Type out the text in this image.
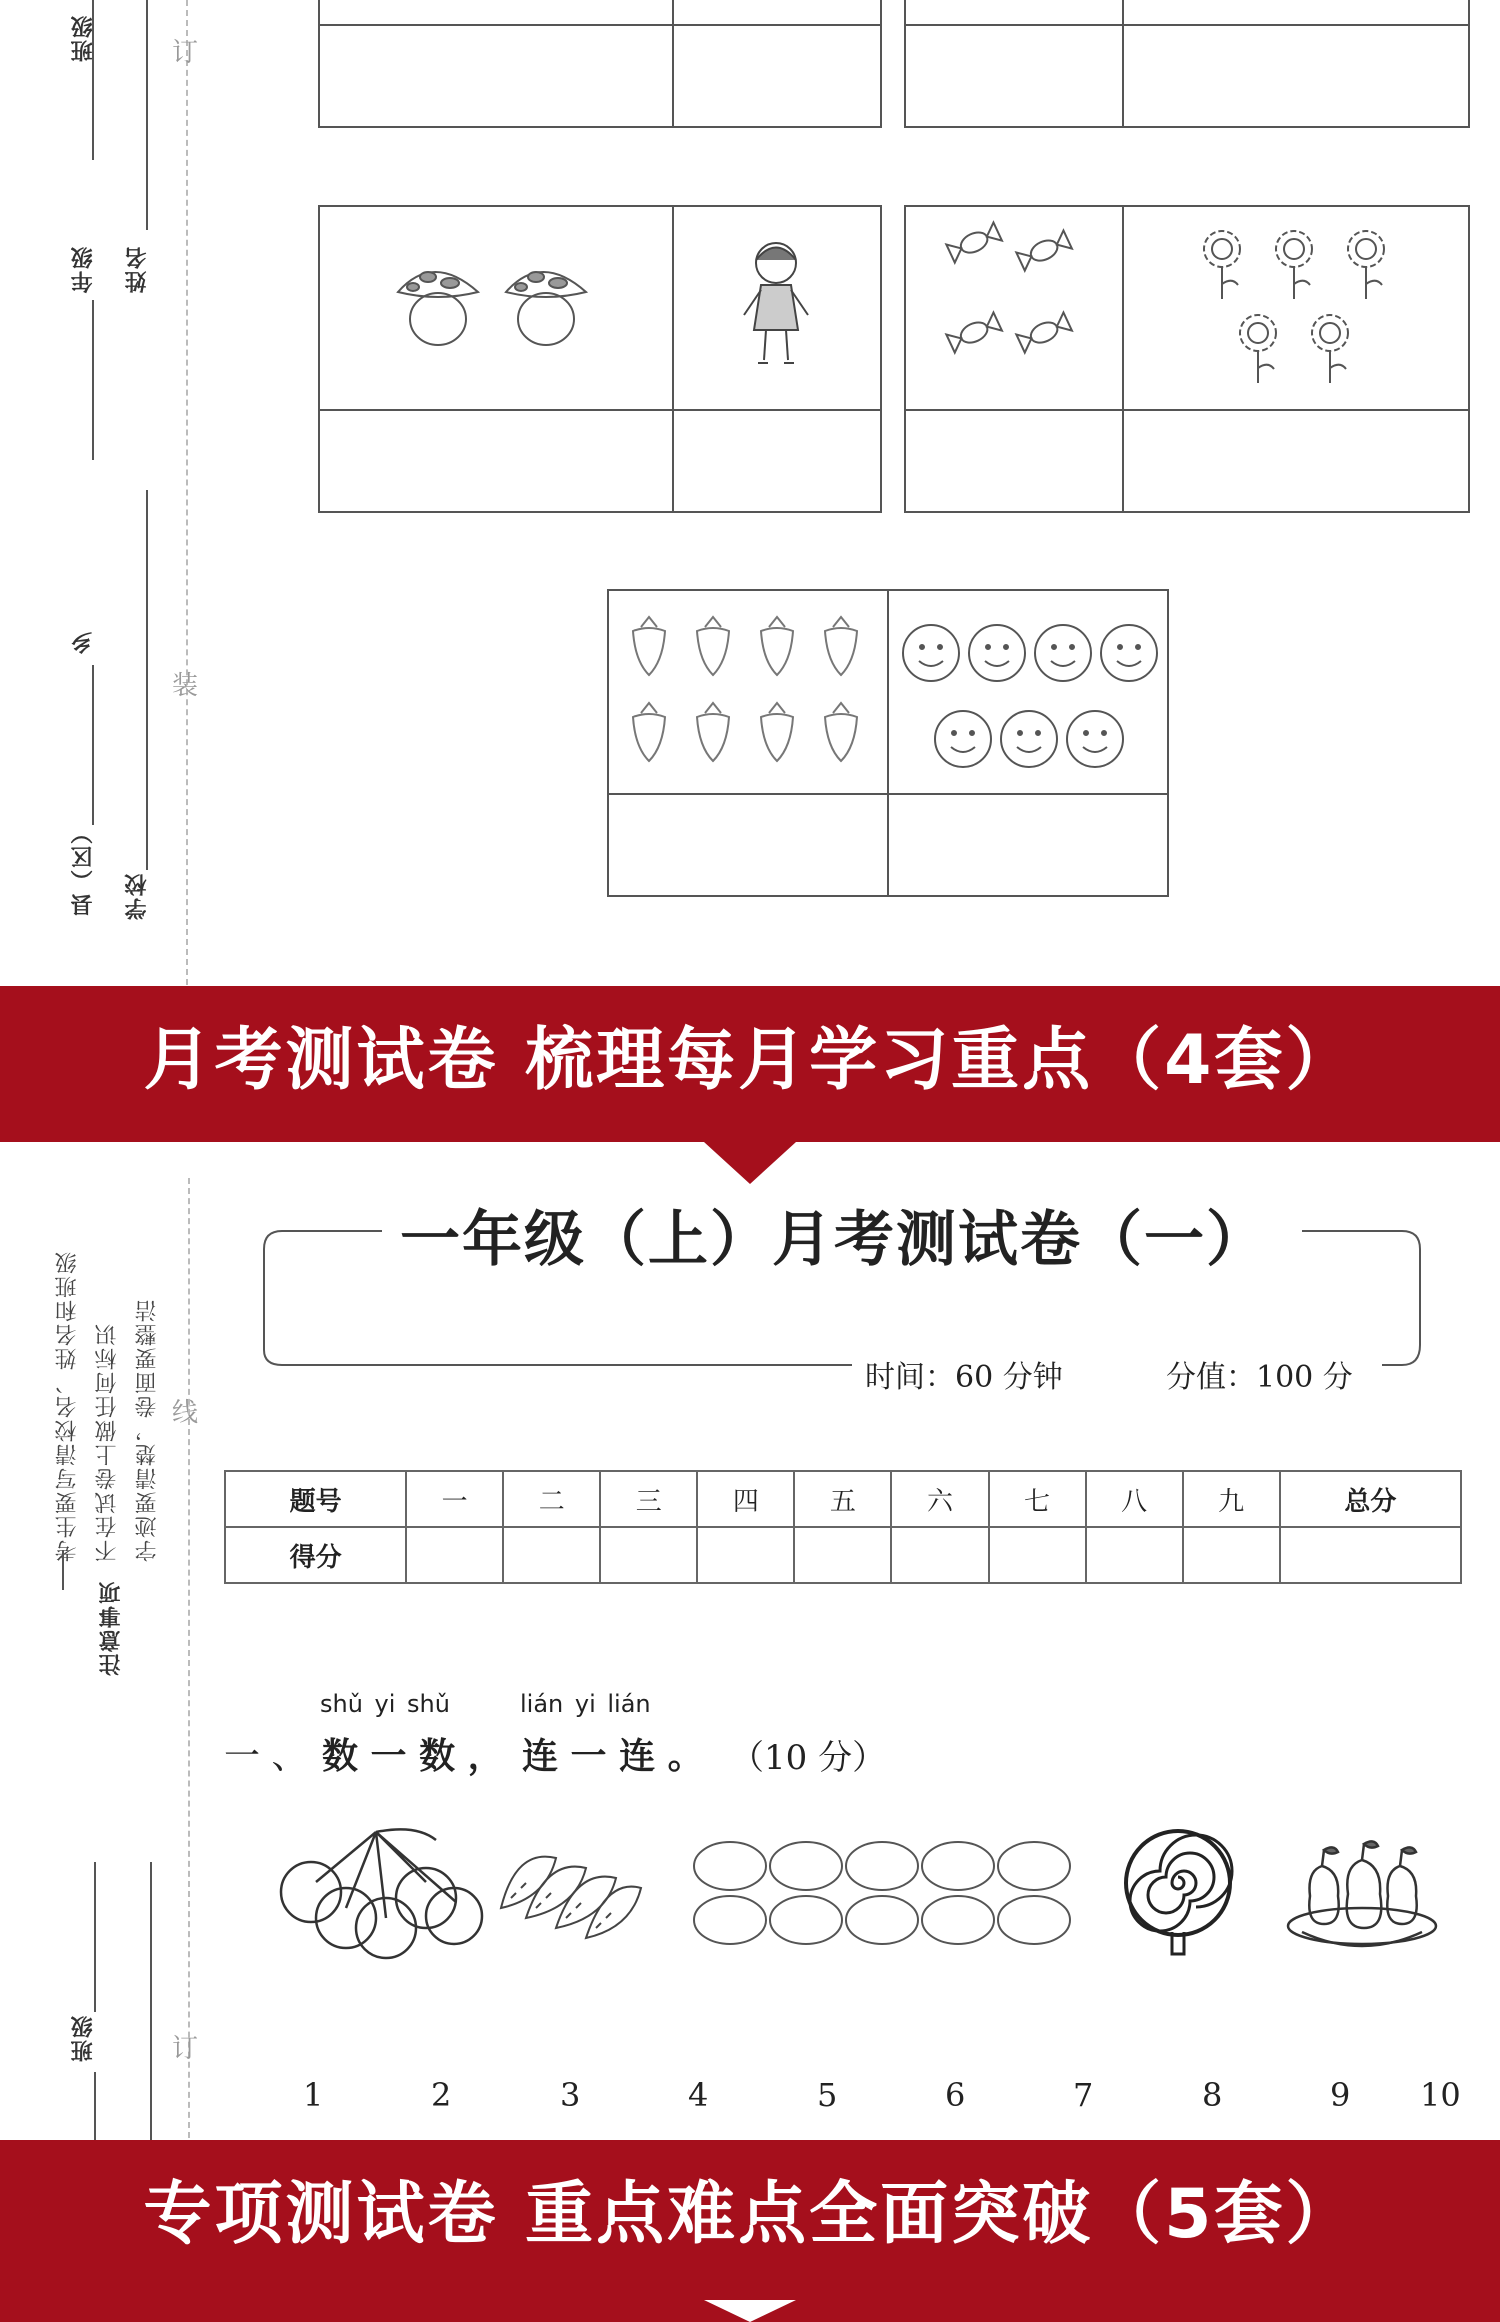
班级
年级 姓名
乡
县（区） 学校
订
装

月考测试卷 梳理每月学习重点（4套）
一年级（上）月考测试卷（一）
时间：60 分钟	分值：100 分
考生要写清校名、姓名和班级 不在试卷上做任何标识 字迹要清楚，卷面要整洁
注意事项
线
题号	一	二	三	四	五	六	七	八	九	总分
得分										
shǔ yi shǔ	lián yi lián
一 、 数 一 数 ， 连 一 连 。 （10 分）
1	2	3	4	5	6	7	8	9 10
班级	订
专项测试卷 重点难点全面突破（5套）
